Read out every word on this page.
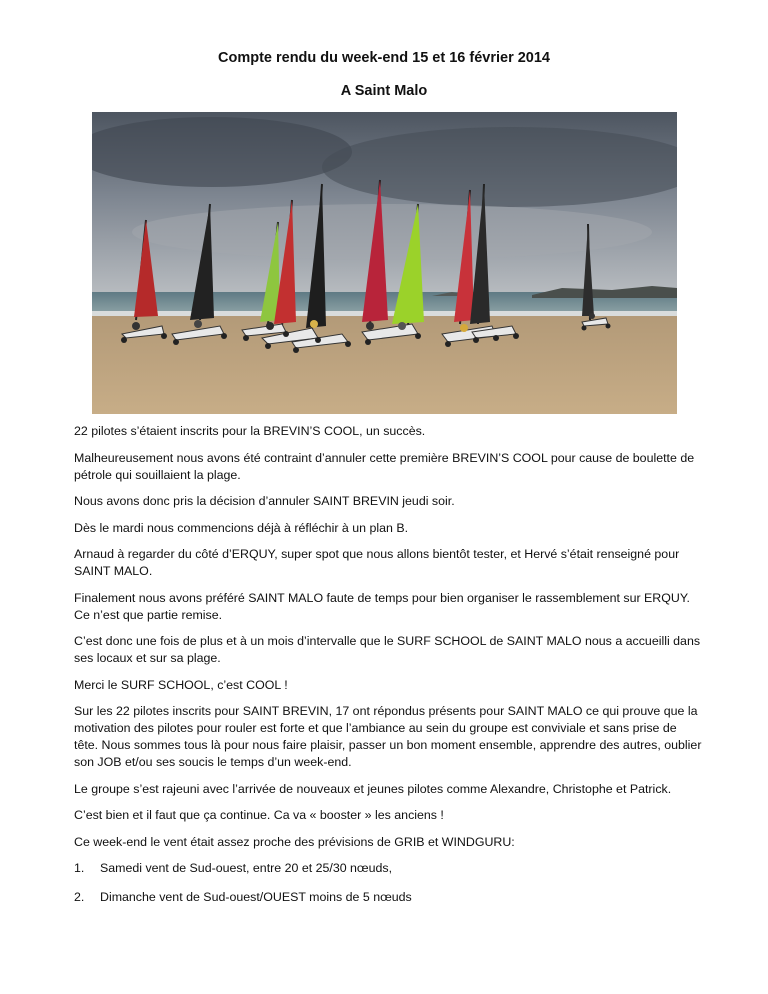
Compte rendu du week-end 15 et 16 février 2014
A Saint Malo

22 pilotes s’étaient inscrits pour la BREVIN’S COOL, un succès.

Malheureusement nous avons été contraint d’annuler cette première BREVIN’S COOL pour cause de boulette de pétrole qui souillaient la plage.

Nous avons donc pris la décision d’annuler SAINT BREVIN jeudi soir.

Dès le mardi nous commencions déjà à réfléchir à un plan B.

Arnaud à regarder du côté d’ERQUY, super spot que nous allons bientôt tester, et Hervé s’était renseigné pour SAINT MALO.

Finalement nous avons préféré SAINT MALO faute de temps pour bien organiser le rassemblement sur ERQUY. Ce n’est que partie remise.

C’est donc une fois de plus et à un mois d’intervalle que le SURF SCHOOL de SAINT MALO nous a accueilli dans ses locaux et sur sa plage.

Merci le SURF SCHOOL, c’est COOL !

Sur les 22 pilotes inscrits pour SAINT BREVIN, 17 ont répondus présents pour SAINT MALO ce qui prouve que la motivation des pilotes pour rouler est forte et que l’ambiance au sein du groupe est conviviale et sans prise de tête. Nous sommes tous là pour nous faire plaisir, passer un bon moment ensemble, apprendre des autres, oublier son JOB et/ou ses soucis le temps d’un week-end.

Le groupe s’est rajeuni avec l’arrivée de nouveaux et jeunes pilotes comme Alexandre, Christophe et Patrick.

C’est bien et il faut que ça continue. Ca va « booster » les anciens !

Ce week-end le vent était assez proche des prévisions de GRIB et WINDGURU:

1. Samedi vent de Sud-ouest, entre 20 et 25/30 nœuds,
2. Dimanche vent de Sud-ouest/OUEST moins de 5 nœuds
